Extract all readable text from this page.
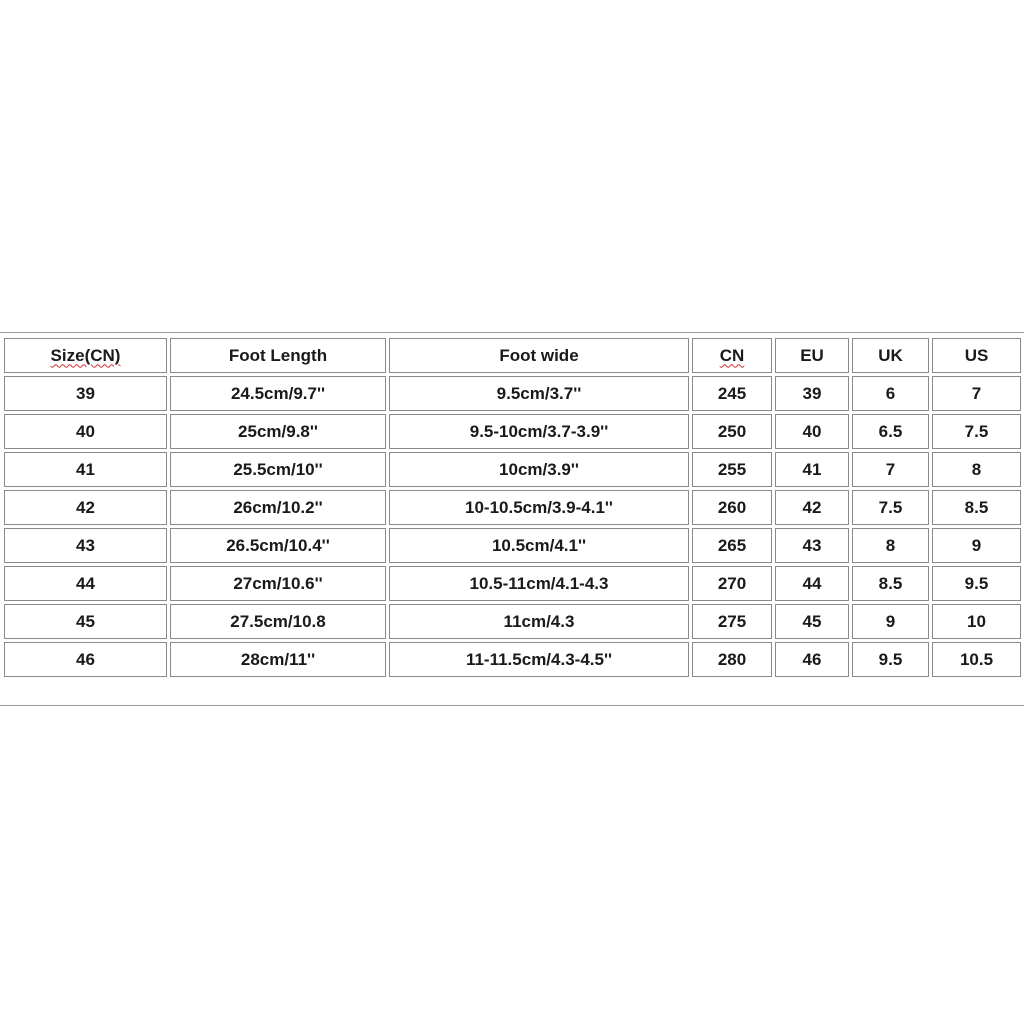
Size(CN)	Foot Length	Foot wide	CN	EU	UK	US
39	24.5cm/9.7''	9.5cm/3.7''	245	39	6	7
40	25cm/9.8''	9.5-10cm/3.7-3.9''	250	40	6.5	7.5
41	25.5cm/10''	10cm/3.9''	255	41	7	8
42	26cm/10.2''	10-10.5cm/3.9-4.1''	260	42	7.5	8.5
43	26.5cm/10.4''	10.5cm/4.1''	265	43	8	9
44	27cm/10.6''	10.5-11cm/4.1-4.3	270	44	8.5	9.5
45	27.5cm/10.8	11cm/4.3	275	45	9	10
46	28cm/11''	11-11.5cm/4.3-4.5''	280	46	9.5	10.5
